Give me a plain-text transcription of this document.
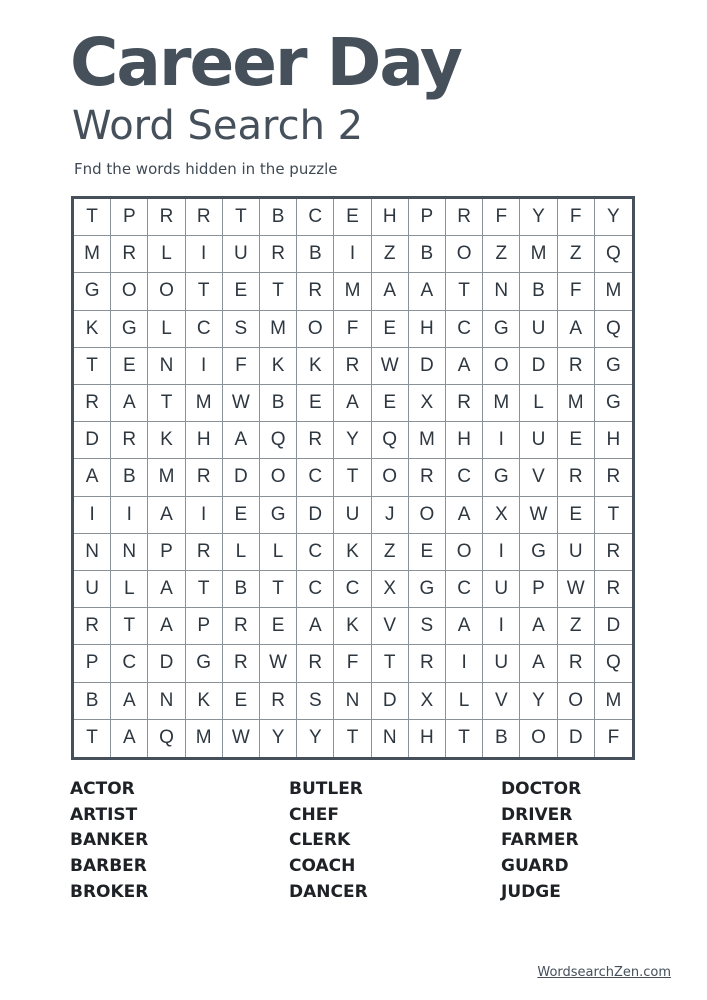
Career Day
Word Search 2

Fnd the words hidden in the puzzle

T	P	R	R	T	B	C	E	H	P	R	F	Y	F	Y
M	R	L	I	U	R	B	I	Z	B	O	Z	M	Z	Q
G	O	O	T	E	T	R	M	A	A	T	N	B	F	M
K	G	L	C	S	M	O	F	E	H	C	G	U	A	Q
T	E	N	I	F	K	K	R	W	D	A	O	D	R	G
R	A	T	M	W	B	E	A	E	X	R	M	L	M	G
D	R	K	H	A	Q	R	Y	Q	M	H	I	U	E	H
A	B	M	R	D	O	C	T	O	R	C	G	V	R	R
I	I	A	I	E	G	D	U	J	O	A	X	W	E	T
N	N	P	R	L	L	C	K	Z	E	O	I	G	U	R
U	L	A	T	B	T	C	C	X	G	C	U	P	W	R
R	T	A	P	R	E	A	K	V	S	A	I	A	Z	D
P	C	D	G	R	W	R	F	T	R	I	U	A	R	Q
B	A	N	K	E	R	S	N	D	X	L	V	Y	O	M
T	A	Q	M	W	Y	Y	T	N	H	T	B	O	D	F
ACTOR
ARTIST
BANKER
BARBER
BROKER
BUTLER
CHEF
CLERK
COACH
DANCER
DOCTOR
DRIVER
FARMER
GUARD
JUDGE
WordsearchZen.com
